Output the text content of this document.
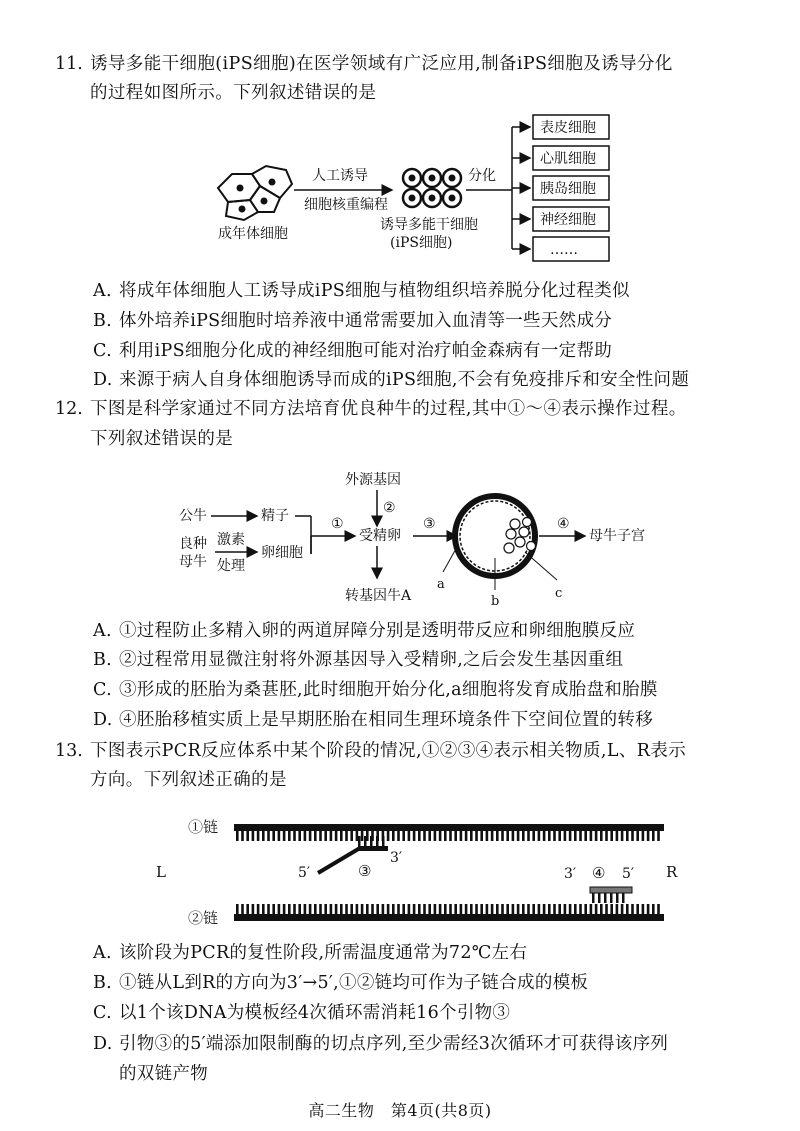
11. 诱导多能干细胞(iPS细胞)在医学领域有广泛应用,制备iPS细胞及诱导分化
的过程如图所示。下列叙述错误的是
成年体细胞
人工诱导
细胞核重编程
诱导多能干细胞
(iPS细胞)
分化
表皮细胞
心肌细胞
胰岛细胞
神经细胞
……
A. 将成年体细胞人工诱导成iPS细胞与植物组织培养脱分化过程类似
B. 体外培养iPS细胞时培养液中通常需要加入血清等一些天然成分
C. 利用iPS细胞分化成的神经细胞可能对治疗帕金森病有一定帮助
D. 来源于病人自身体细胞诱导而成的iPS细胞,不会有免疫排斥和安全性问题
12. 下图是科学家通过不同方法培育优良种牛的过程,其中①～④表示操作过程。
下列叙述错误的是
外源基因
②
公牛	精子
良种
母牛
激素
处理
卵细胞
①
受精卵
转基因牛A
③
a
b
c
④
母牛子宫
A. ①过程防止多精入卵的两道屏障分别是透明带反应和卵细胞膜反应
B. ②过程常用显微注射将外源基因导入受精卵,之后会发生基因重组
C. ③形成的胚胎为桑葚胚,此时细胞开始分化,a细胞将发育成胎盘和胎膜
D. ④胚胎移植实质上是早期胚胎在相同生理环境条件下空间位置的转移
13. 下图表示PCR反应体系中某个阶段的情况,①②③④表示相关物质,L、R表示
方向。下列叙述正确的是
①链
L	R
5′	③
3′
3′ ④ 5′
②链
A. 该阶段为PCR的复性阶段,所需温度通常为72℃左右
B. ①链从L到R的方向为3′→5′,①②链均可作为子链合成的模板
C. 以1个该DNA为模板经4次循环需消耗16个引物③
D. 引物③的5′端添加限制酶的切点序列,至少需经3次循环才可获得该序列
的双链产物
高二生物　第4页(共8页)
